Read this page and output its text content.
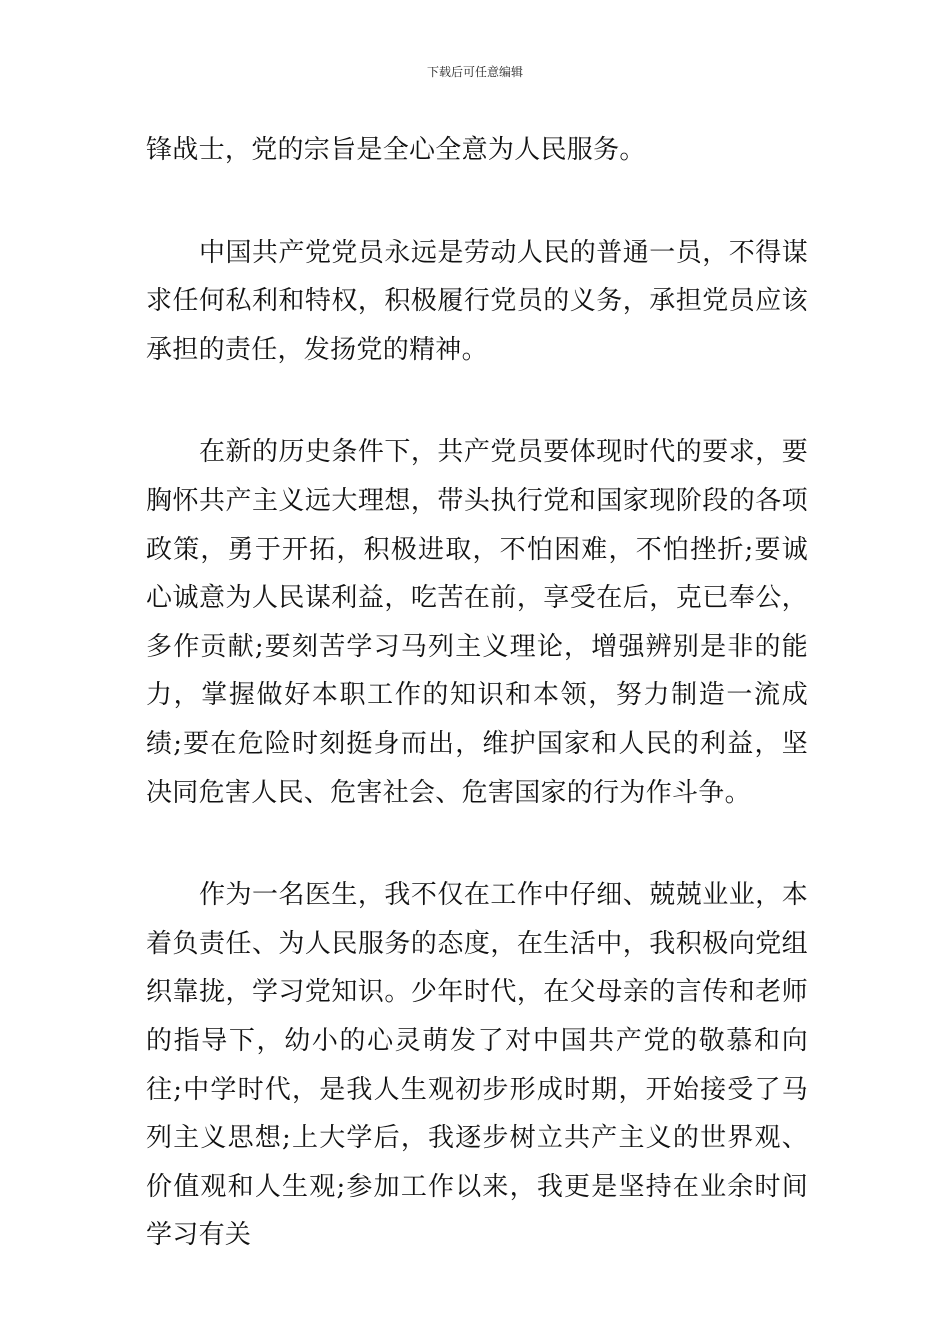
下载后可任意编辑

锋战士，党的宗旨是全心全意为人民服务。

中国共产党党员永远是劳动人民的普通一员，不得谋求任何私利和特权，积极履行党员的义务，承担党员应该承担的责任，发扬党的精神。

在新的历史条件下，共产党员要体现时代的要求，要胸怀共产主义远大理想，带头执行党和国家现阶段的各项政策，勇于开拓，积极进取，不怕困难，不怕挫折;要诚心诚意为人民谋利益，吃苦在前，享受在后，克已奉公，多作贡献;要刻苦学习马列主义理论，增强辨别是非的能力，掌握做好本职工作的知识和本领，努力制造一流成绩;要在危险时刻挺身而出，维护国家和人民的利益，坚决同危害人民、危害社会、危害国家的行为作斗争。

作为一名医生，我不仅在工作中仔细、兢兢业业，本着负责任、为人民服务的态度，在生活中，我积极向党组织靠拢，学习党知识。少年时代，在父母亲的言传和老师的指导下，幼小的心灵萌发了对中国共产党的敬慕和向往;中学时代，是我人生观初步形成时期，开始接受了马列主义思想;上大学后，我逐步树立共产主义的世界观、价值观和人生观;参加工作以来，我更是坚持在业余时间学习有关
